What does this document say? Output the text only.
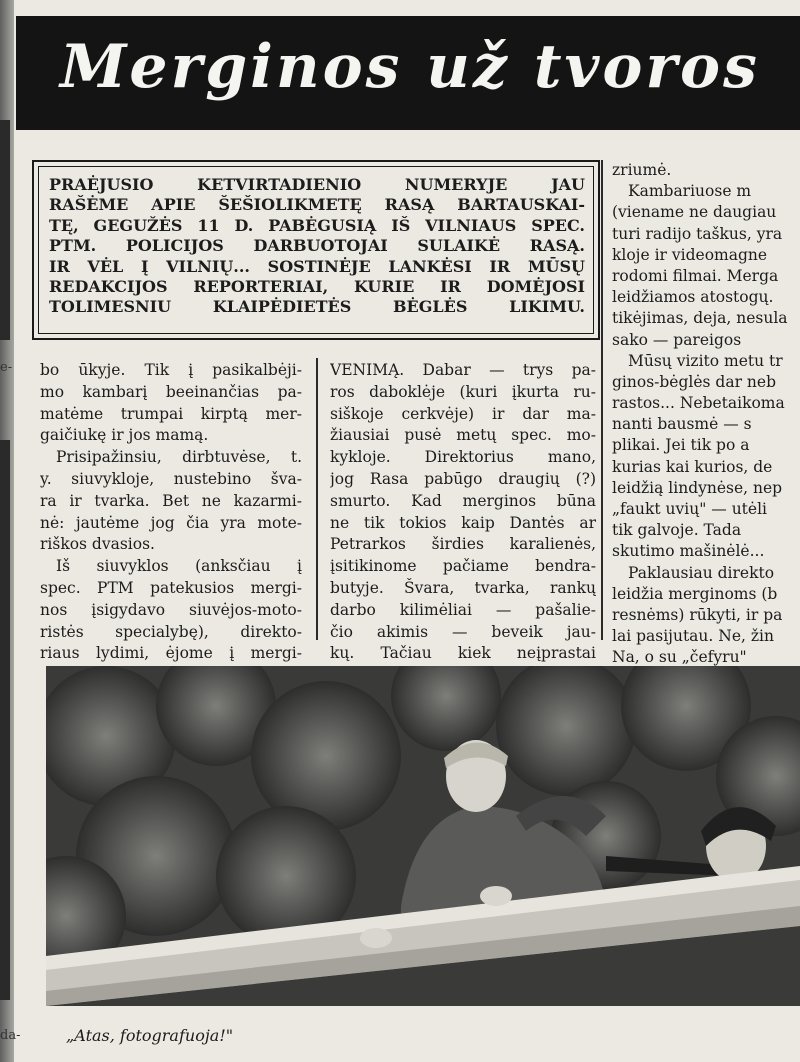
e-
da-
Merginos už tvoros
PRAĖJUSIO KETVIRTADIENIO NUMERYJE JAU
RAŠĖME APIE ŠEŠIOLIKMETĘ RASĄ BARTAUSKAI-
TĘ, GEGUŽĖS 11 D. PABĖGUSIĄ IŠ VILNIAUS SPEC.
PTM. POLICIJOS DARBUOTOJAI SULAIKĖ RASĄ.
IR VĖL Į VILNIŲ... SOSTINĖJE LANKĖSI IR MŪSŲ
REDAKCIJOS REPORTERIAI, KURIE IR DOMĖJOSI
TOLIMESNIU KLAIPĖDIETĖS BĖGLĖS LIKIMU.
bo ūkyje. Tik į pasikalbėji-
mo kambarį beeinančias pa-
matėme trumpai kirptą mer-
gaičiukę ir jos mamą.
Prisipažinsiu, dirbtuvėse, t.
y. siuvykloje, nustebino šva-
ra ir tvarka. Bet ne kazarmi-
nė: jautėme jog čia yra mote-
riškos dvasios.
Iš siuvyklos (anksčiau į
spec. PTM patekusios mergi-
nos įsigydavo siuvėjos-moto-
ristės specialybę), direkto-
riaus lydimi, ėjome į mergi-
VENIMĄ. Dabar — trys pa-
ros daboklėje (kuri įkurta ru-
siškoje cerkvėje) ir dar ma-
žiausiai pusė metų spec. mo-
kykloje. Direktorius mano,
jog Rasa pabūgo draugių (?)
smurto. Kad merginos būna
ne tik tokios kaip Dantės ar
Petrarkos širdies karalienės,
įsitikinome pačiame bendra-
butyje. Švara, tvarka, rankų
darbo kilimėliai — pašalie-
čio akimis — beveik jau-
kų. Tačiau kiek neįprastai
zriumė.
Kambariuose m
(viename ne daugiau
turi radijo taškus, yra
kloje ir videomagne
rodomi filmai. Merga
leidžiamos atostogų.
tikėjimas, deja, nesula
sako — pareigos
Mūsų vizito metu tr
ginos-bėglės dar neb
rastos... Nebetaikoma
nanti bausmė — s
plikai. Jei tik po a
kurias kai kurios, de
leidžią lindynėse, nep
„faukt uvių" — utėli
tik galvoje. Tada
skutimo mašinėlė...
Paklausiau direkto
leidžia merginoms (b
resnėms) rūkyti, ir pa
lai pasijutau. Ne, žin
Na, o su „čefyru"
„Atas, fotografuoja!"
